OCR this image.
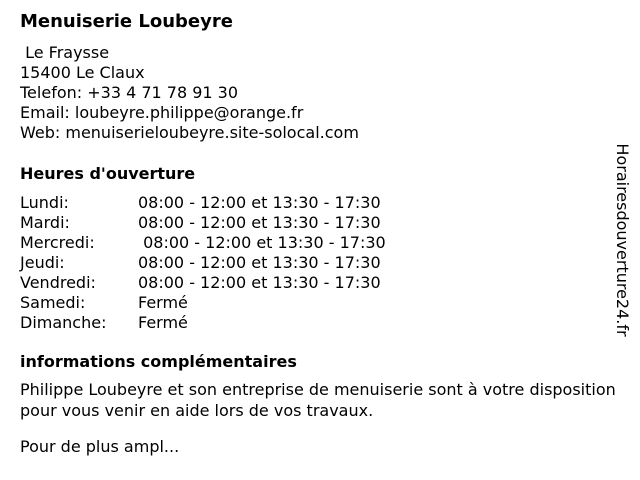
Menuiserie Loubeyre
Le Fraysse
15400 Le Claux
Telefon: +33 4 71 78 91 30
Email: loubeyre.philippe@orange.fr
Web: menuiserieloubeyre.site-solocal.com
Heures d'ouverture
Lundi:	08:00 - 12:00 et 13:30 - 17:30
Mardi:	08:00 - 12:00 et 13:30 - 17:30
Mercredi:	08:00 - 12:00 et 13:30 - 17:30
Jeudi:	08:00 - 12:00 et 13:30 - 17:30
Vendredi:	08:00 - 12:00 et 13:30 - 17:30
Samedi:	Fermé
Dimanche:	Fermé
informations complémentaires

Philippe Loubeyre et son entreprise de menuiserie sont à votre disposition pour vous venir en aide lors de vos travaux.

Pour de plus ampl...
Horairesdouverture24.fr
